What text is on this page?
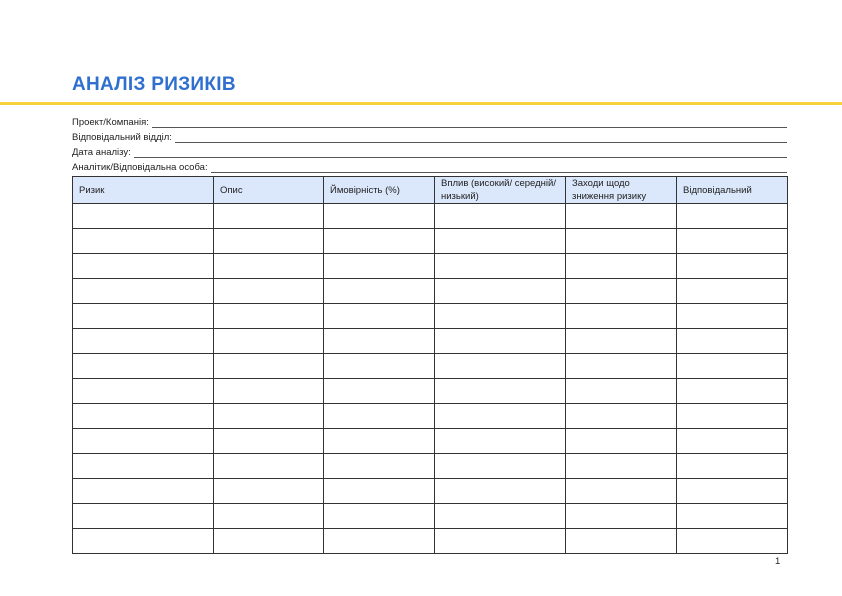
АНАЛІЗ РИЗИКІВ
Проект/Компанія:
Відповідальний відділ:
Дата аналізу:
Аналітик/Відповідальна особа:
Ризик	Опис	Ймовірність (%)	Вплив (високий/ середній/низький)	Заходи щодо зниження ризику	Відповідальний

1
